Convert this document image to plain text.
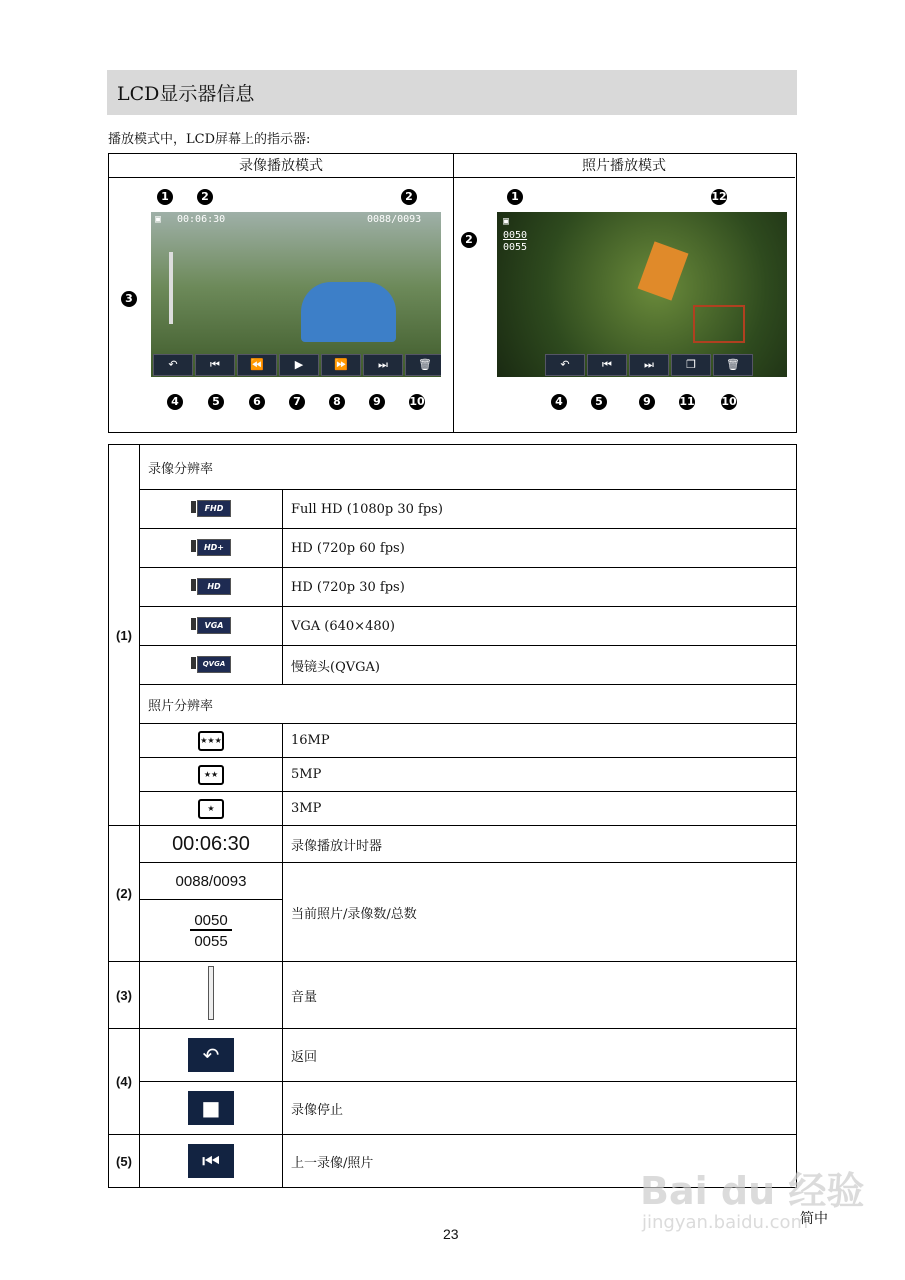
LCD显示器信息
播放模式中，LCD屏幕上的指示器:
录像播放模式	照片播放模式
▣ 00:06:30	0088/0093
↶	⏮	⏪	▶	⏩	⏭	🗑
1	2	2
3
4	5	6	7	8	9	10
▣
0050
0055
↶	⏮	⏭	❐	🗑
1
2
12
4	5	9	11 10
(1)	录像分辨率	

	FHD	Full HD (1080p 30 fps)

	HD+	HD (720p 60 fps)

	HD	HD (720p 30 fps)

	VGA	VGA (640×480)

	QVGA	慢镜头(QVGA)
	照片分辨率	
	★★★	16MP
	★★	5MP
	★	3MP
(2)	00:06:30	录像播放计时器
	0088/0093	当前照片/录像数/总数
	0050
0055	
(3)		音量
(4)	↶	返回
	■	录像停止
(5)	⏮	上一录像/照片
Bai du 经验
jingyan.baidu.com
简中
23
